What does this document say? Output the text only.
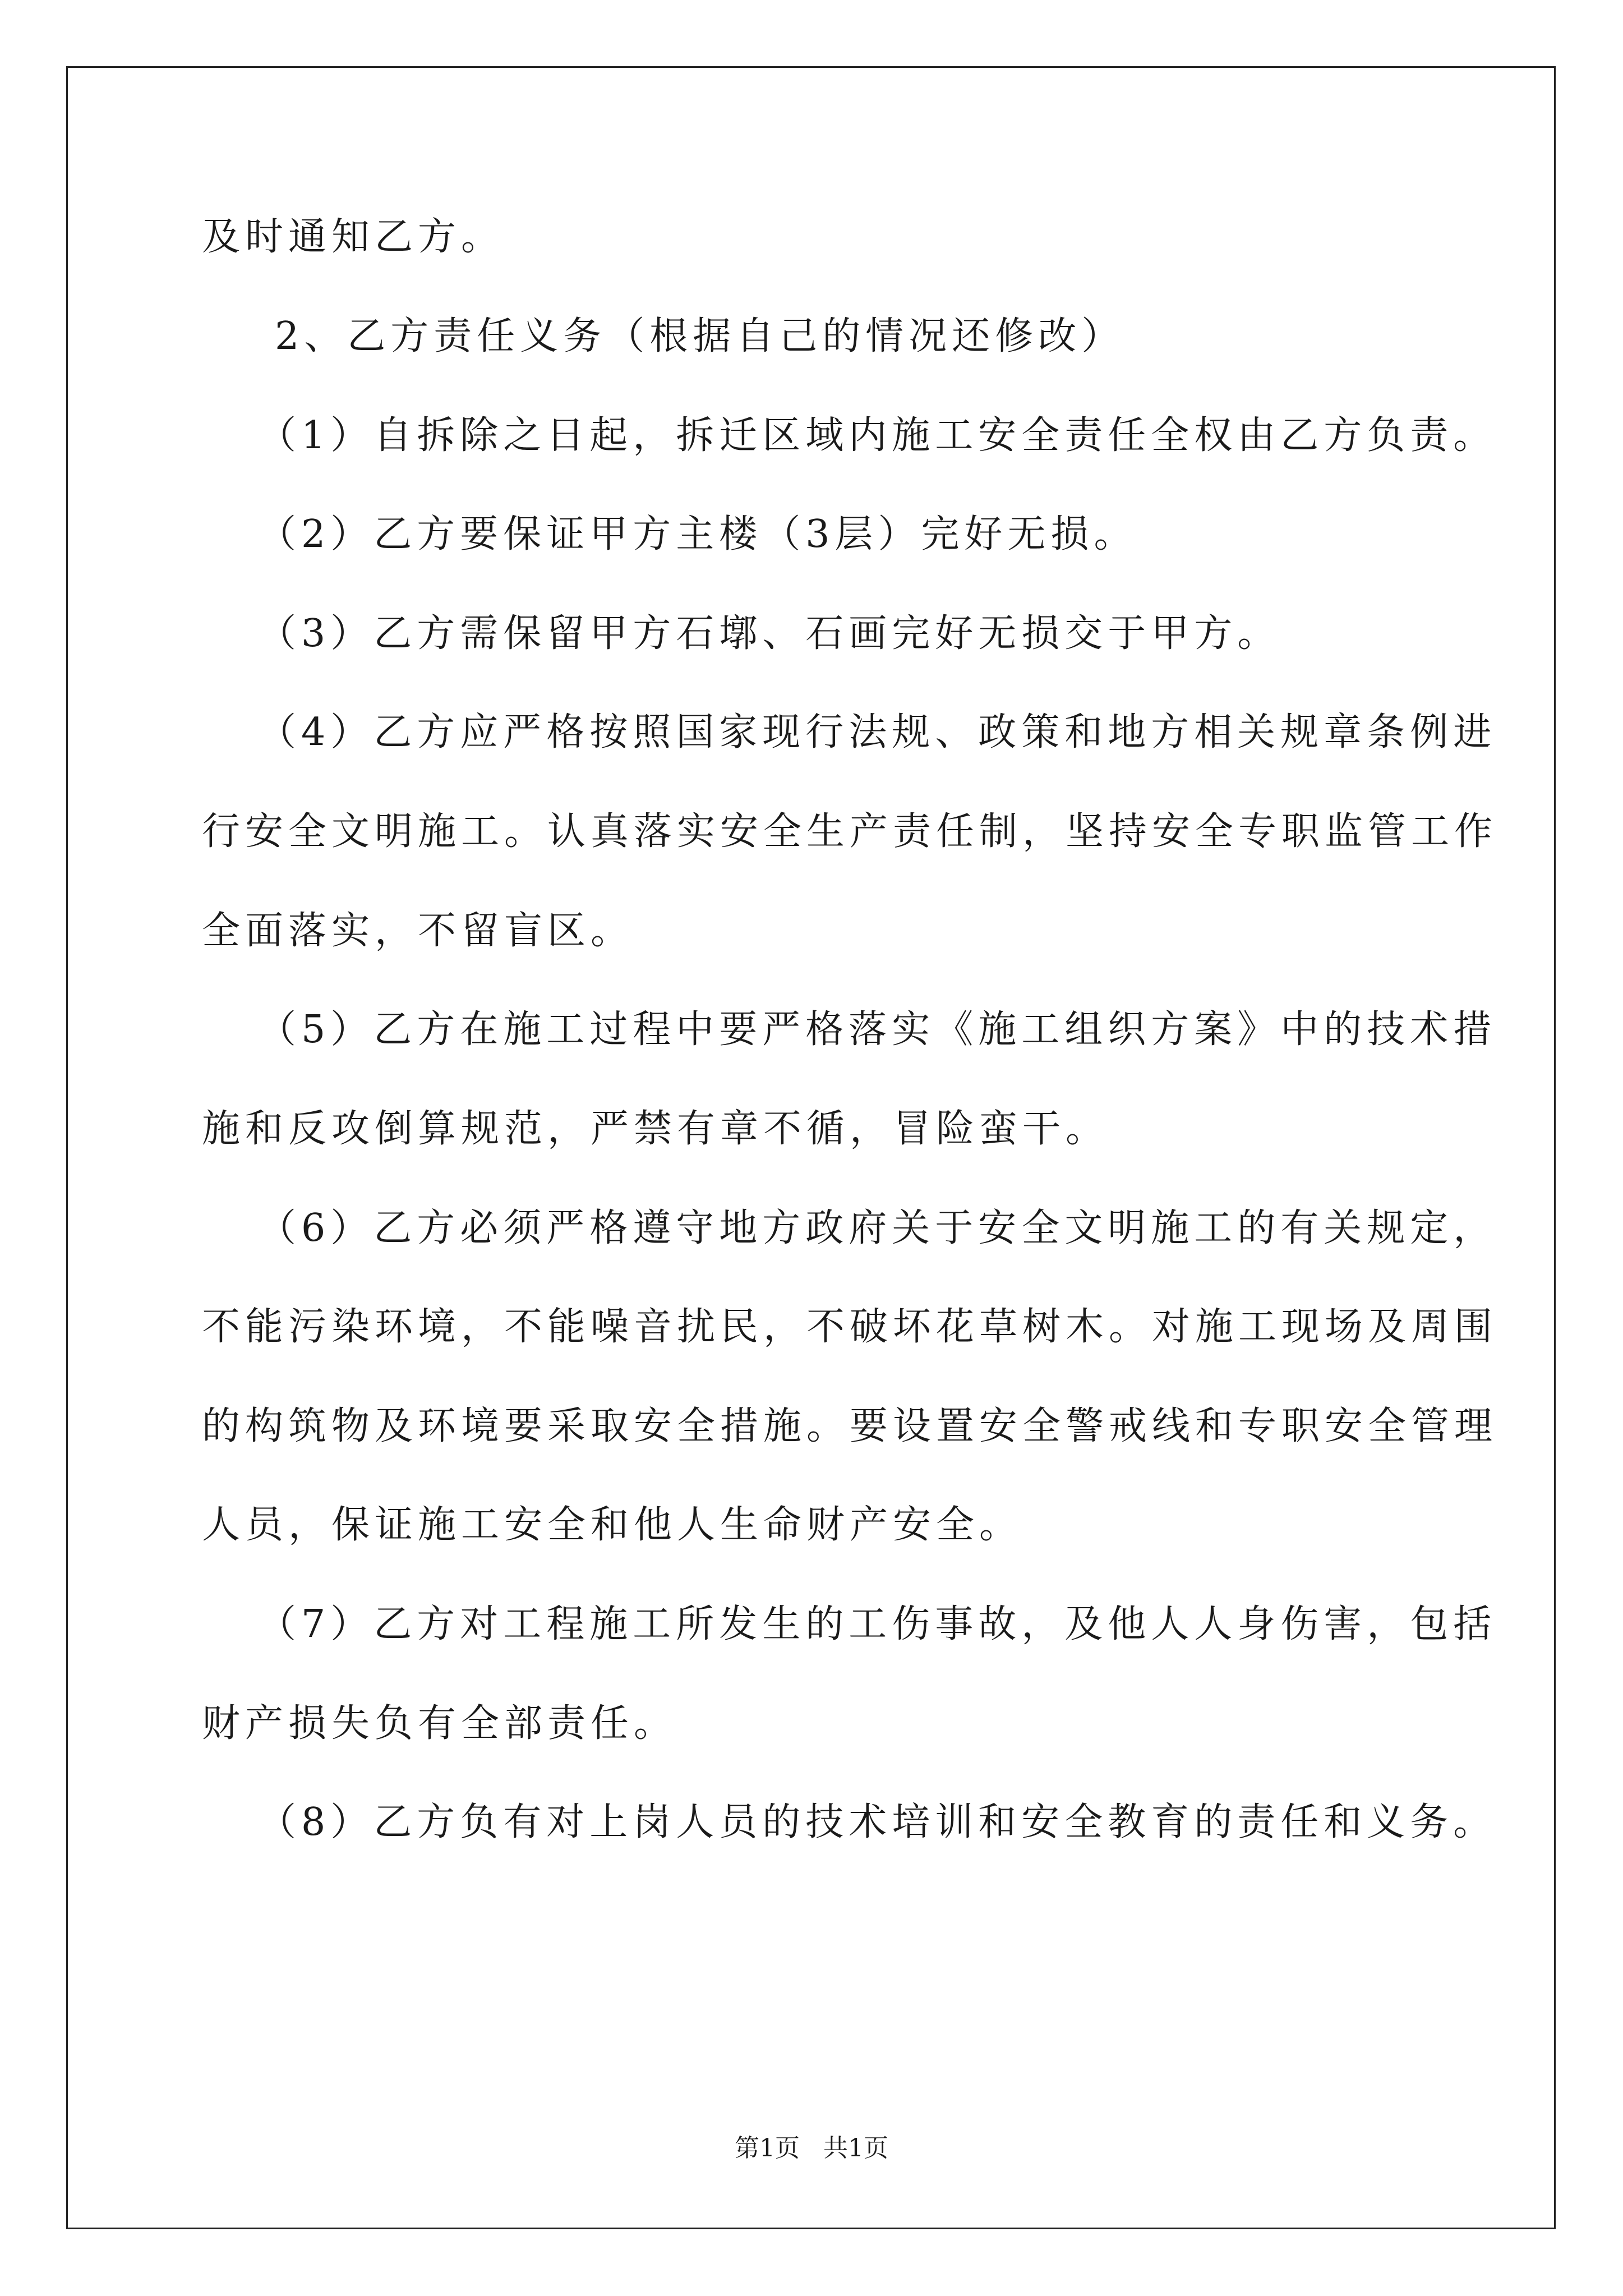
及时通知乙方。
2、乙方责任义务（根据自己的情况还修改）
（1）自拆除之日起，拆迁区域内施工安全责任全权由乙方负责。
（2）乙方要保证甲方主楼（3层）完好无损。
（3）乙方需保留甲方石墎、石画完好无损交于甲方。
（4）乙方应严格按照国家现行法规、政策和地方相关规章条例进
行安全文明施工。认真落实安全生产责任制，坚持安全专职监管工作
全面落实，不留盲区。
（5）乙方在施工过程中要严格落实《施工组织方案》中的技术措
施和反攻倒算规范，严禁有章不循，冒险蛮干。
（6）乙方必须严格遵守地方政府关于安全文明施工的有关规定，
不能污染环境，不能噪音扰民，不破坏花草树木。对施工现场及周围
的构筑物及环境要采取安全措施。要设置安全警戒线和专职安全管理
人员，保证施工安全和他人生命财产安全。
（7）乙方对工程施工所发生的工伤事故，及他人人身伤害，包括
财产损失负有全部责任。
（8）乙方负有对上岗人员的技术培训和安全教育的责任和义务。
第1页   共1页
